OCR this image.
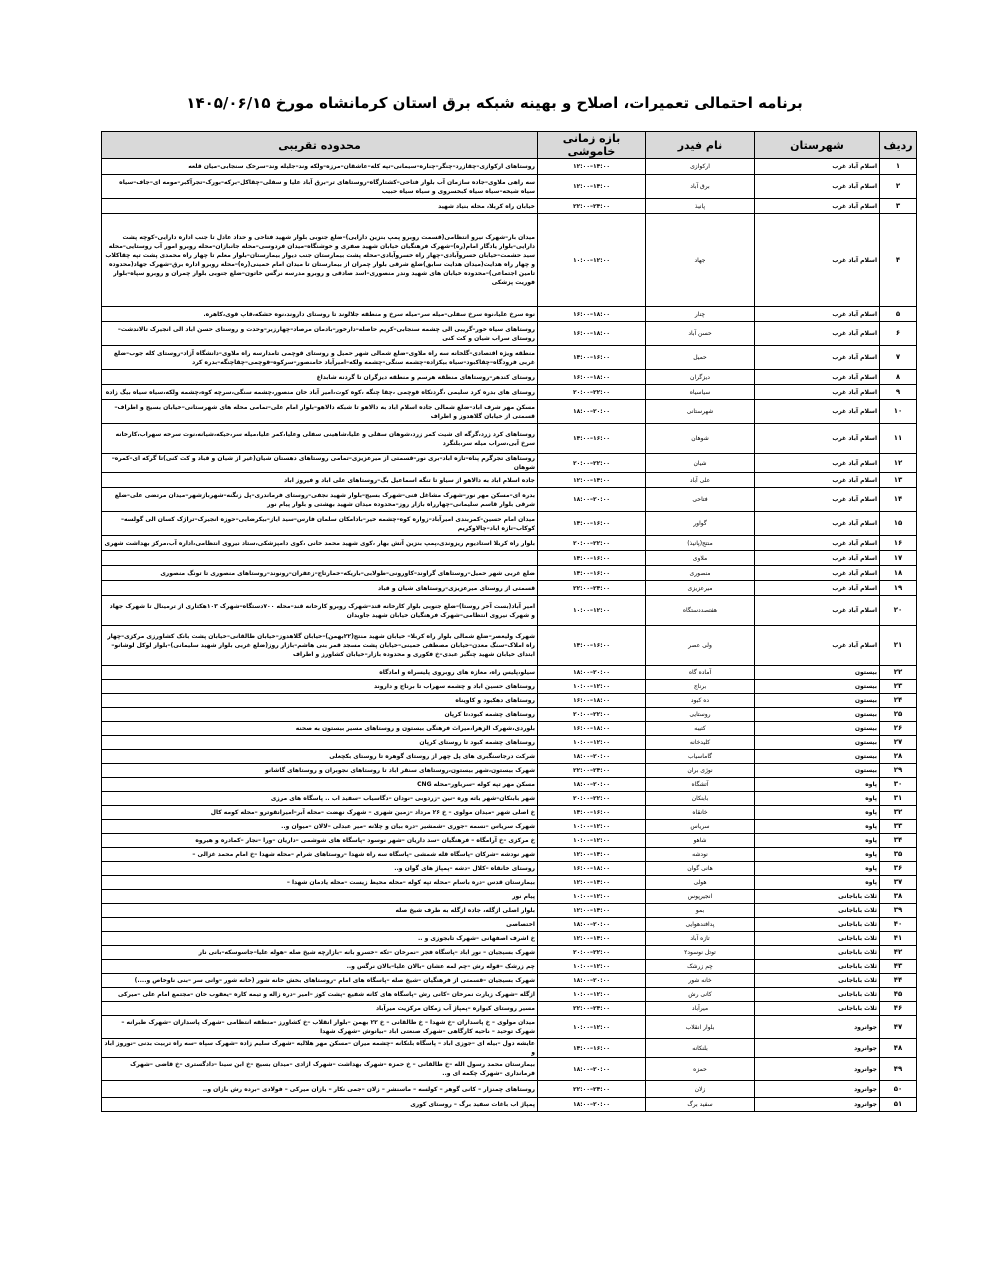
برنامه احتمالی تعمیرات، اصلاح و بهینه شبکه برق استان کرمانشاه مورخ ۱۴۰۵/۰۶/۱۵
ردیف	شهرستان	نام فیدر	بازه زمانی خاموشی	محدوده تقریبی
۱	اسلام آباد غرب	ارکوازی	۱۲:۰۰–۱۴:۰۰	روستاهای ارکوازی–چقازرد–چنگر–چناره–سیمانی–تپه کله–عاشقان–مرزه–ولکه وند–جلیله وند–سرخک سنجابی–میان قلعه
۲	اسلام آباد غرب	برق آباد	۱۲:۰۰–۱۴:۰۰	سه راهی ملاوی–جاده سازمان آب بلوار فتاحی–کشتارگاه–روستاهای تر–برق آباد علیا و سفلی–چقاکل–برکه–بورک–تجرآکبر–مومه ای–جاف–سیاه سیاه شیخه–سیاه سیاه کبخسروی و سیاه سیاه حبیب
۳	اسلام آباد غرب	پانیذ	۲۲:۰۰–۲۴:۰۰	خیابان راه کربلا، محله بنیاد شهید
۴	اسلام آباد غرب	جهاد	۱۰:۰۰–۱۲:۰۰	میدان بار–شهرک نیرو انتظامی(قسمت روبرو پمپ بنزین دارایی)–ضلع جنوبی بلوار شهید فتاحی و حداد عادل تا جنب اداره دارایی–کوچه پشت دارایی–بلوار یادگار امام(ره)–شهرک فرهنگیان خیابان شهید صفری و خوشنگاه–میدان فردوسی–محله جانبازان–محله روبرو امور آب روستایی–محله سید حشمت–خیابان خسروآبادی–چهار راه خسروآبادی–محله پشت بیمارستان جنب دیوار بیمارستان–بلوار معلم تا چهار راه محمدی پشت تپه چقاکلاب و چهار راه هدایت(میدان هدایت سابق)ضلع شرقی بلوار چمران از بیمارستان تا میدان امام خمینی(ره)–محله روبرو اداره برق–شهرک جهاد(محدوده تامین اجتماعی)–محدوده خیابان های شهید وندر منصوری–اسد صادقی و روبرو مدرسه نرگس خاتون–ضلع جنوبی بلوار چمران و روبرو سپاه–بلوار فوریت پزشکی
۵	اسلام آباد غرب	چنار	۱۶:۰۰–۱۸:۰۰	نوه سرخ علیا،نوه سرخ سفلی–میله سر–میله سرخ و منطقه جلالوند تا روستای داروند،نوه خشکه،قاپ قوی،کاهره.
۶	اسلام آباد غرب	حسن آباد	۱۶:۰۰–۱۸:۰۰	روستاهای سیاه خور–گریبی الی چشمه سنجابی–کریم حاصله–دارخور–بادمان مرصاد–چهارزبر–وحدت و روستای حسن اباد الی انجیرک تالاندشت–روستای سراب شیان و کت کنی
۷	اسلام آباد غرب	حمیل	۱۴:۰۰–۱۶:۰۰	منطقه ویژه اقتصادی–گلخانه سه راه ملاوی–ضلع شمالی شهر حمیل و روستای قوچمی تامدارسه راه ملاوی–دانشگاه آزاد–روستای کله جوب–ضلع غربی فرودگاه–چقاکبود–سیاه بیکزاده–چشمه سنگی–چشمه ولکه–امیرآباد خامنصور–سرکوه–قوچمی–چقاچنگه–بدره کرد
۸	اسلام آباد غرب	دیزگران	۱۶:۰۰–۱۸:۰۰	روستای کندهر–روستاهای منطقه هرسم و منطقه دیزگران تا گردنه شابداغ
۹	اسلام آباد غرب	سیاسیاه	۲۰:۰۰–۲۲:۰۰	روستای های بدره کرد سلیمی ،گردنکاه قوچمی ،چقا چنگه ،کوه کوت،امیر آباد خان منصور،چشمه سنگی،سرچه کوه،چشمه ولکه،سیاه سیاه بیگ زاده
۱۰	اسلام آباد غرب	شهرستانی	۱۸:۰۰–۲۰:۰۰	مسکن مهر شرف اباد–ضلع شمالی جاده اسلام اباد به دالاهو تا شبکه دالاهو–بلوار امام علی–تمامی محله های شهرستانی–خیابان بسیج و اطراف–قسمتی از خیابان گلاهدوز و اطراف
۱۱	اسلام آباد غرب	شوهان	۱۴:۰۰–۱۶:۰۰	روستاهای کرد زرد،گرگه ای شیت کمر زرد،شوهان سفلی و علیا،شاهینی سفلی وعلیا،کمر علیا،میله سر،خیکه،شیانه،نوت سرخه سهراب،کارخانه سرخ آبی،سراب میله سر،بلنگرد
۱۲	اسلام آباد غرب	شیان	۲۰:۰۰–۲۲:۰۰	روستاهای تجرگرم پناه–تازه اباد–بری نور–قسمتی از میرعزیزی–تمامی روستاهای دهستان شیان(غیر از شیان و قباد و کت کنی)تا گرکه ای–کمره–شوهان
۱۳	اسلام آباد غرب	علی آباد	۱۲:۰۰–۱۴:۰۰	جاده اسلام اباد به دالاهو از سیاو تا تنگه اسماعیل بگ–روستاهای علی اباد و فیروز اباد
۱۴	اسلام آباد غرب	فتاحی	۱۸:۰۰–۲۰:۰۰	بدره ای–مسکن مهر نور–شهرک مشاغل فنی–شهرک بسیج–بلوار شهید نجفی–روستای فرماندری–پل زنگنه–شهربازشهر–میدان مرتضی علی–ضلع شرقی بلوار قاسم سلیمانی–چهارراه بازار روز–محدوده میدان شهید بهشتی و بلوار پیام نور
۱۵	اسلام آباد غرب	گواور	۱۴:۰۰–۱۶:۰۰	میدان امام حسین–کمربندی امیرآباد–زواره کوه–چشمه خیر–بادامکان سلمان فارس–سید ایاز–بیکرضایی–حوزه انجیرک–تراژک کسان الی گولسه–کوکاب–تازه اباد–چالاوکریم
۱۶	اسلام آباد غرب	منتج(پانیذ)	۲۰:۰۰–۲۲:۰۰	بلوار راه کربلا استادیوم ریزوندی،پمپ بنزین آتش بهار ،کوی شهید محمد خانی ،کوی دامپزشکی،ستاد نیروی انتظامی،اداره آب،مرکز بهداشت شهری
۱۷	اسلام آباد غرب	ملاوی	۱۴:۰۰–۱۶:۰۰	
۱۸	اسلام آباد غرب	منصوری	۱۴:۰۰–۱۶:۰۰	ضلع غربی شهر حمیل–روستاهای گراوند–کاورونی–طولابی–باریکه–خمارتاج–زعفران–رونوند–روستاهای منصوری تا تونگ منصوری
۱۹	اسلام آباد غرب	میرعزیزی	۲۲:۰۰–۲۴:۰۰	قسمتی از روستای میرعزیزی–روستاهای شیان و قباد
۲۰	اسلام آباد غرب	هفتصددستگاه	۱۰:۰۰–۱۲:۰۰	امیر آباد(بست آخر روستا)–ضلع جنوبی بلوار کارخانه قند–شهرک روبرو کارخانه قند–محله ۷۰۰دستگاه–شهرک ۱۰۳هکتاری از ترمینال تا شهرک جهاد و شهرک نیروی انتظامی–شهرک فرهنگیان خیابان شهید جاویدان
۲۱	اسلام آباد غرب	ولی عصر	۱۴:۰۰–۱۶:۰۰	شهرک ولیعصر–ضلع شمالی بلوار راه کربلا– خیابان شهید منتج(۲۲بهمن)–خیابان گلاهدوز–خیابان طالقانی–خیابان پشت بانک کشاورزی مرکزی–چهار راه املاک–سنگ معدن–خیابان مصطفی خمینی–خیابان پشت مسجد قمر بنی هاشم–بازار روز(ضلع غربی بلوار شهید سلیمانی)–بلوار لوکل لوشانو–ابتدای خیابان شهید چنگیز عبدی–خ فکوری و محدوده بازار–خیابان کشاورز و اطراف
۲۲	بیستون	آماده گاه	۱۸:۰۰–۲۰:۰۰	سیلو،پلیس راه، مغازه های روبروی پلیسراه و امادگاه
۲۳	بیستون	برناج	۱۰:۰۰–۱۲:۰۰	روستاهای حسین اباد و چشمه سهراب تا برناج و داروند
۲۴	بیستون	ده کبود	۱۶:۰۰–۱۸:۰۰	روستاهای دهکبود و کاویناه
۲۵	بیستون	روستایی	۲۰:۰۰–۲۲:۰۰	روستاهای چشمه کبود،تا کرپان
۲۶	بیستون	کتیبه	۱۶:۰۰–۱۸:۰۰	بلوردی،شهرک الزهرا،میراث فرهنگی بیستون و روستاهای مسیر بیستون به صحنه
۲۷	بیستون	کلیدخانه	۱۰:۰۰–۱۲:۰۰	روستاهای چشمه کبود تا روستای کرپان
۲۸	بیستون	گاماسیاب	۱۸:۰۰–۲۰:۰۰	شرکت درجاسنگبری های پل چهر از روستای گوهره تا روستای بکچغلی
۲۹	بیستون	نوژی بران	۲۲:۰۰–۲۴:۰۰	شهرک بیستون،شهر بیستون،روستاهای سنقر اباد تا روستاهای نجوبران و روستاهای گاشانو
۳۰	پاوه	آتشگاه	۱۸:۰۰–۲۰:۰۰	مسکن مهر تپه کوله –سرباور–محله CNG
۳۱	پاوه	بابنکان	۲۰:۰۰–۲۲:۰۰	شهر بابنکان–شهر باته وره –نین –زردوبی –نودان –دگاسیاب –سفید اب .. پاسگاه های مرزی
۳۲	پاوه	خانقاه	۱۴:۰۰–۱۶:۰۰	خ اصلی شهر –میدان مولوی – خ ۲۶ مرداد –زمین شهری – شهرک نهضت –محله آبر–امیرانقوترو –محله کومه کال
۳۳	پاوه	سریاس	۱۰:۰۰–۱۲:۰۰	شهرک سریاس –نسمه –جوری –شمشیر –دره بیان و چلانه –میر عبدلی –لالان –میوان و..
۳۴	پاوه	شاهو	۱۰:۰۰–۱۲:۰۰	خ مرکزی –خ آرامگاه – فرهنگیان –سد داریان –شهر نوسود –پاسگاه های شوشمی –داریان –ورا –نجار –کمادره و هیروه
۳۵	پاوه	نودشه	۱۲:۰۰–۱۴:۰۰	شهر نودشه –شرکان –پاسگاه قله شمشی –پاسگاه سه راه شهدا –روستاهای شرام –محله شهدا –خ امام محمد غزالی –
۳۶	پاوه	هانی گوان	۱۶:۰۰–۱۸:۰۰	روستای خانقاه –کلال –دشه –پمپاژ های گوان و..
۳۷	پاوه	هولی	۱۲:۰۰–۱۴:۰۰	بیمارستان قدس –دره باسام –محله تپه کوله –محله محیط زیست –محله یادمان شهدا –
۳۸	ثلاث باباجانی	انجیرپوس	۱۰:۰۰–۱۲:۰۰	پیام نور
۳۹	ثلاث باباجانی	بمو	۱۲:۰۰–۱۴:۰۰	بلوار اصلی ازگله، جاده ازگله به طرف شیخ صله
۴۰	ثلاث باباجانی	پدافندهوایی	۱۸:۰۰–۲۰:۰۰	اختصاصی
۴۱	ثلاث باباجانی	تازه آباد	۱۲:۰۰–۱۴:۰۰	خ اشرف اصفهانی –شهرک تابجوزی و ..
۴۲	ثلاث باباجانی	توتل نوسود۲	۲۰:۰۰–۲۲:۰۰	شهرک بسیجیان – نور اباد –پاسگاه فجر –نمرخان –تکه –خسرو بانه –بازارچه شیخ صله –هوله علیا–جاسوسکه–بانی نار
۴۳	ثلاث باباجانی	چم زرشک	۱۰:۰۰–۱۲:۰۰	چم زرشک –قوله رش –چم لمه عشان –بالان علیا–بالان نرگس و..
۴۴	ثلاث باباجانی	خانه شور	۱۸:۰۰–۲۰:۰۰	شهرک بسیجیان –قسمتی از فرهنگیان –شیخ صله –پاسگاه های امام –روستاهای بخش خانه شور (خانه شور –وانی سر –بنی ناوخاص و....)
۴۵	ثلاث باباجانی	کانی رش	۱۰:۰۰–۱۲:۰۰	ازگله –شهرک زیارت نمرخان –کانی رش –پاسگاه های کانه شفیع –پشت کوز –امیر –دره زاله و تیمه کاره –یعقوب خان –مجتمع امام علی –میرکی
۴۶	ثلاث باباجانی	میرآباد	۲۲:۰۰–۲۴:۰۰	مسیر روستای کیواره –پمپاژ آب زمکان مرکزیت میرآباد
۴۷	جوانرود	بلوار انقلاب	۱۰:۰۰–۱۲:۰۰	میدان مولوی – خ پاسداران –خ شهدا – خ طالقانی – خ ۲۲ بهمن –بلوار انقلاب –خ کشاورز –منطقه انتظامی –شهرک پاسداران –شهرک طبرانه –شهرک توحید – ناحیه کارگاهی –شهرک صنعتی اباد –بیانوش –شهرک شهدا
۴۸	جوانرود	بلنکانه	۱۴:۰۰–۱۶:۰۰	عایشه دول –بیله ای –جوزی اباد – پاسگاه بلنکانه –چشمه میران –مسکن مهر هلالیه –شهرک سلیم زاده –شهرک سپاه –سه راه تربیت بدنی –نوروز اباد و
۴۹	جوانرود	حمزه	۱۸:۰۰–۲۰:۰۰	بیمارستان محمد رسول الله –خ طالقانی – خ حمزه –شهرک بهداشت –شهرک ازادی –میدان بسیج –خ ابن سینا –دادگستری –خ قاضی –شهرک فرمانداری –شهرک چکمه ای و..
۵۰	جوانرود	زلان	۲۲:۰۰–۲۴:۰۰	روستاهای چمنزار – کانی گوهر – کولسه – ماسنشر – زلان –جمی نکار – بازان میرکی – فولادی –برده رش بازان و..
۵۱	جوانرود	سفید برگ	۱۸:۰۰–۲۰:۰۰	پمپاژ اب باغات سفید برگ – روستای کوری
